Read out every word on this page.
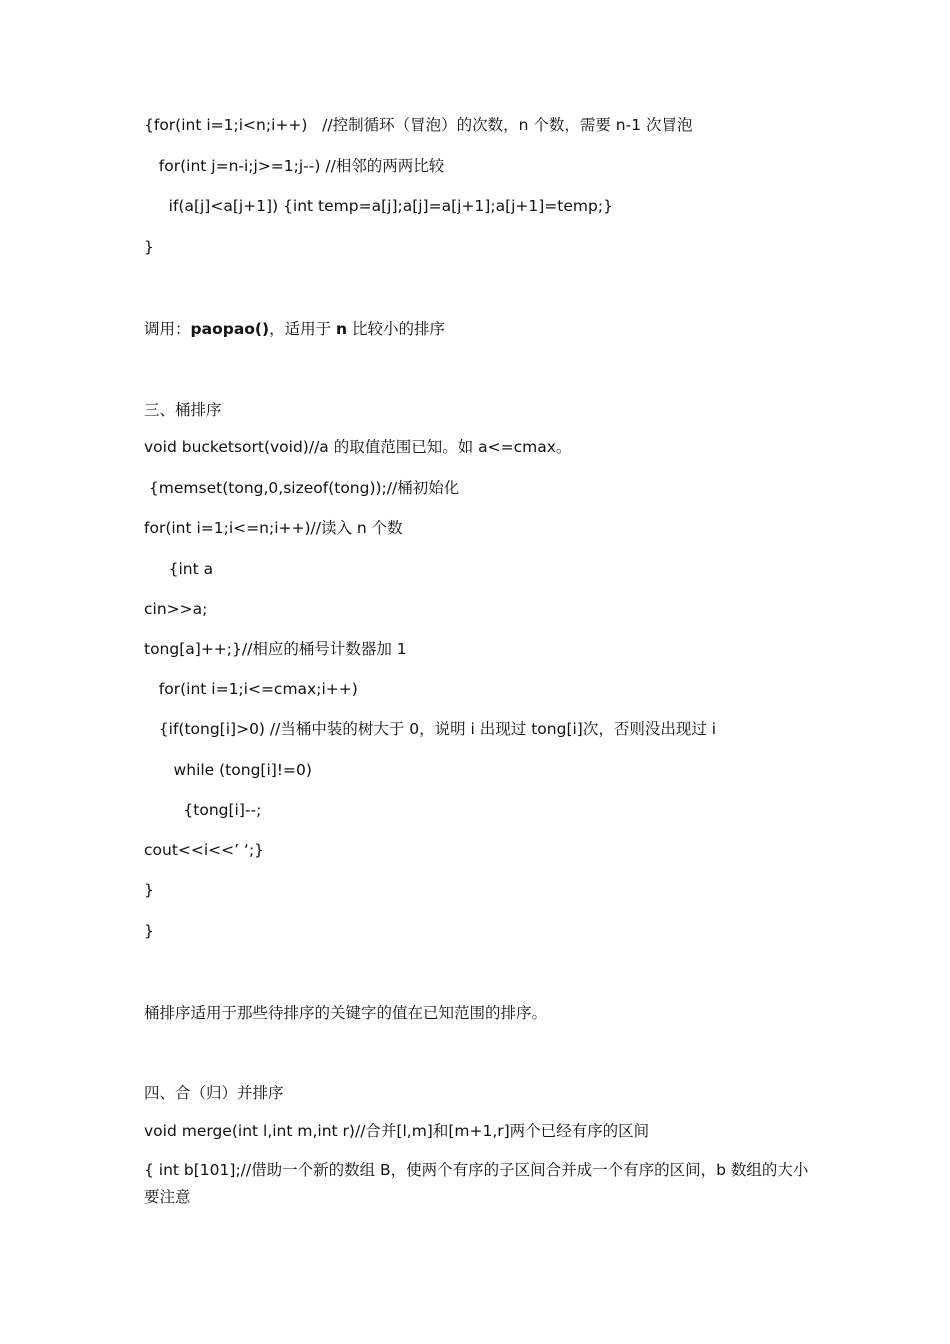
{for(int i=1;i<n;i++)   //控制循环（冒泡）的次数，n 个数，需要 n-1 次冒泡
for(int j=n-i;j>=1;j--) //相邻的两两比较
if(a[j]<a[j+1]) {int temp=a[j];a[j]=a[j+1];a[j+1]=temp;}
}
调用：paopao()，适用于 n 比较小的排序
三、桶排序
void bucketsort(void)//a 的取值范围已知。如 a<=cmax。
{memset(tong,0,sizeof(tong));//桶初始化
for(int i=1;i<=n;i++)//读入 n 个数
{int a
cin>>a;
tong[a]++;}//相应的桶号计数器加 1
for(int i=1;i<=cmax;i++)
{if(tong[i]>0) //当桶中装的树大于 0，说明 i 出现过 tong[i]次，否则没出现过 i
while (tong[i]!=0)
{tong[i]--;
cout<<i<<’ ‘;}
}
}
桶排序适用于那些待排序的关键字的值在已知范围的排序。
四、合（归）并排序
void merge(int l,int m,int r)//合并[l,m]和[m+1,r]两个已经有序的区间
{ int b[101];//借助一个新的数组 B，使两个有序的子区间合并成一个有序的区间，b 数组的大小要注意
